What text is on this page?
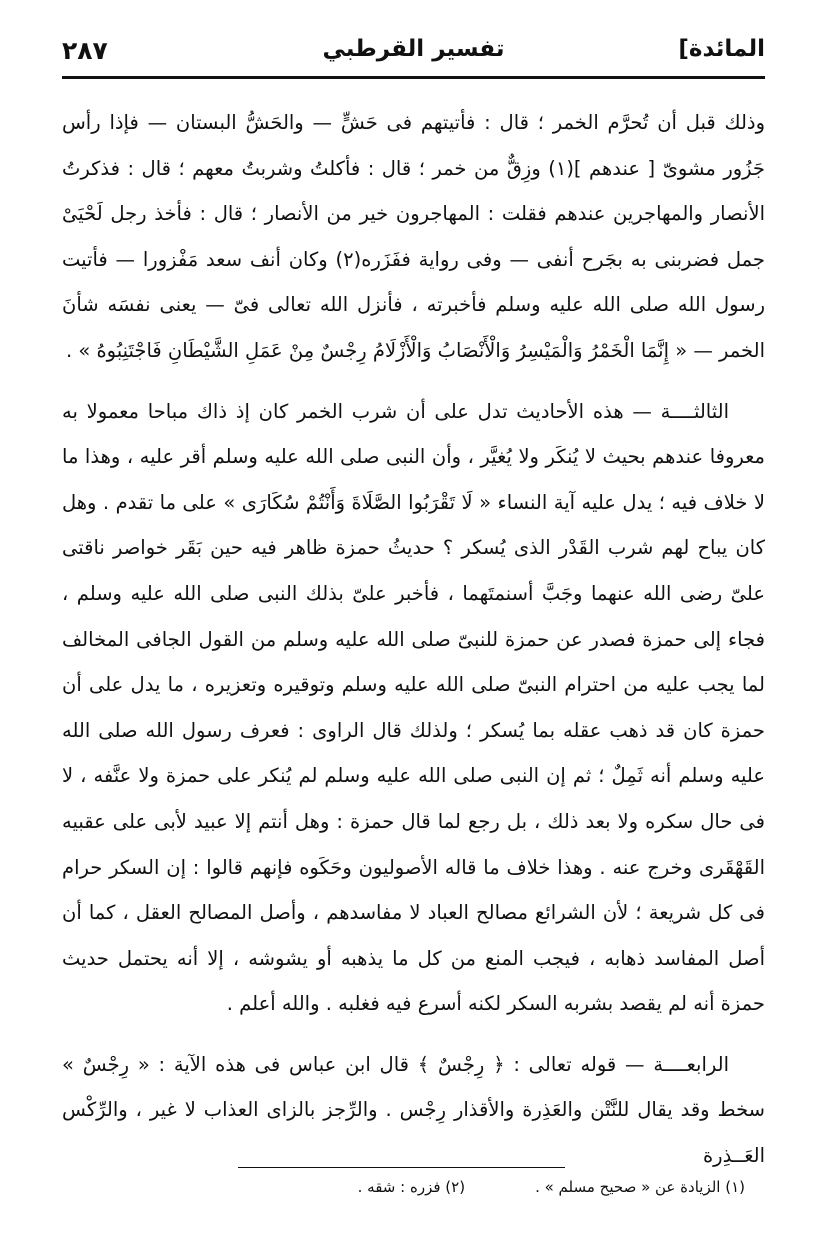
المائدة]
تفسير القرطبي
٢٨٧

وذلك قبل أن تُحرَّم الخمر ؛ قال : فأتيتهم فى حَشٍّ — والحَشُّ البستان — فإذا رأس جَزُور مشوىّ [ عندهم ](١) وزِقٌّ من خمر ؛ قال : فأكلتُ وشربتُ معهم ؛ قال : فذكرتُ الأنصار والمهاجرين عندهم فقلت : المهاجرون خير من الأنصار ؛ قال : فأخذ رجل لَحْيَىْ جمل فضربنى به بجَرح أنفى — وفى رواية ففَزَره(٢) وكان أنف سعد مَفْزورا — فأتيت رسول الله صلى الله عليه وسلم فأخبرته ، فأنزل الله تعالى فىّ — يعنى نفسَه شأنَ الخمر — « إِنَّمَا الْخَمْرُ وَالْمَيْسِرُ وَالْأَنْصَابُ وَالْأَزْلَامُ رِجْسٌ مِنْ عَمَلِ الشَّيْطَانِ فَاجْتَنِبُوهُ » .

الثالثــــة — هذه الأحاديث تدل على أن شرب الخمر كان إذ ذاك مباحا معمولا به معروفا عندهم بحيث لا يُنكَر ولا يُغيَّر ، وأن النبى صلى الله عليه وسلم أقر عليه ، وهذا ما لا خلاف فيه ؛ يدل عليه آية النساء « لَا تَقْرَبُوا الصَّلَاةَ وَأَنْتُمْ سُكَارَى » على ما تقدم . وهل كان يباح لهم شرب القَدْر الذى يُسكر ؟ حديثُ حمزة ظاهر فيه حين بَقَر خواصر ناقتى علىّ رضى الله عنهما وجَبَّ أسنمتَهما ، فأخبر علىّ بذلك النبى صلى الله عليه وسلم ، فجاء إلى حمزة فصدر عن حمزة للنبىّ صلى الله عليه وسلم من القول الجافى المخالف لما يجب عليه من احترام النبىّ صلى الله عليه وسلم وتوقيره وتعزيره ، ما يدل على أن حمزة كان قد ذهب عقله بما يُسكر ؛ ولذلك قال الراوى : فعرف رسول الله صلى الله عليه وسلم أنه ثَمِلٌ ؛ ثم إن النبى صلى الله عليه وسلم لم يُنكر على حمزة ولا عنَّفه ، لا فى حال سكره ولا بعد ذلك ، بل رجع لما قال حمزة : وهل أنتم إلا عبيد لأبى على عقبيه القَهْقَرى وخرج عنه . وهذا خلاف ما قاله الأصوليون وحَكَوه فإنهم قالوا : إن السكر حرام فى كل شريعة ؛ لأن الشرائع مصالح العباد لا مفاسدهم ، وأصل المصالح العقل ، كما أن أصل المفاسد ذهابه ، فيجب المنع من كل ما يذهبه أو يشوشه ، إلا أنه يحتمل حديث حمزة أنه لم يقصد بشربه السكر لكنه أسرع فيه فغلبه . والله أعلم .

الرابعــــة — قوله تعالى : ﴿ رِجْسٌ ﴾ قال ابن عباس فى هذه الآية : « رِجْسٌ » سخط وقد يقال للنَّتْن والعَذِرة والأقذار رِجْس . والرِّجز بالزاى العذاب لا غير ، والرِّكْس العَــذِرة

(١) الزيادة عن « صحيح مسلم » .
(٢) فزره : شقه .
